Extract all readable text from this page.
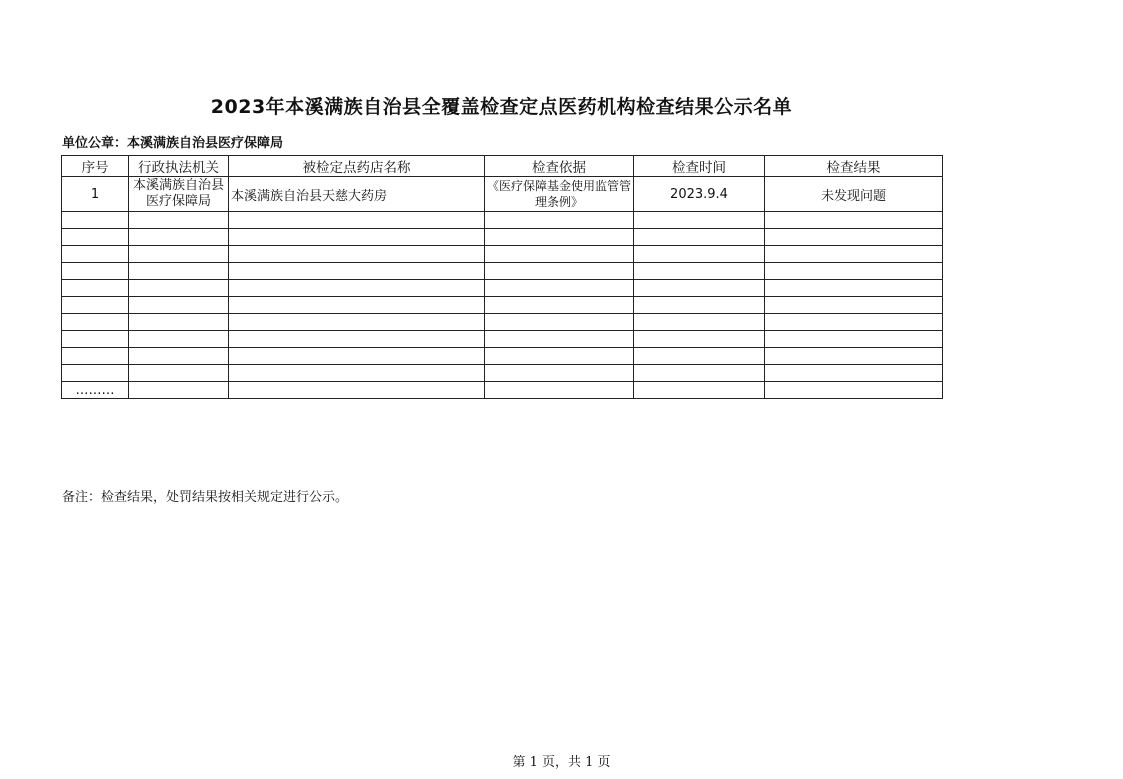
2023年本溪满族自治县全覆盖检查定点医药机构检查结果公示名单
单位公章：本溪满族自治县医疗保障局
序号	行政执法机关	被检定点药店名称	检查依据	检查时间	检查结果
1	本溪满族自治县医疗保障局	本溪满族自治县天慈大药房	《医疗保障基金使用监管管理条例》	2023.9.4	未发现问题

………					
备注：检查结果，处罚结果按相关规定进行公示。
第 1 页，共 1 页
